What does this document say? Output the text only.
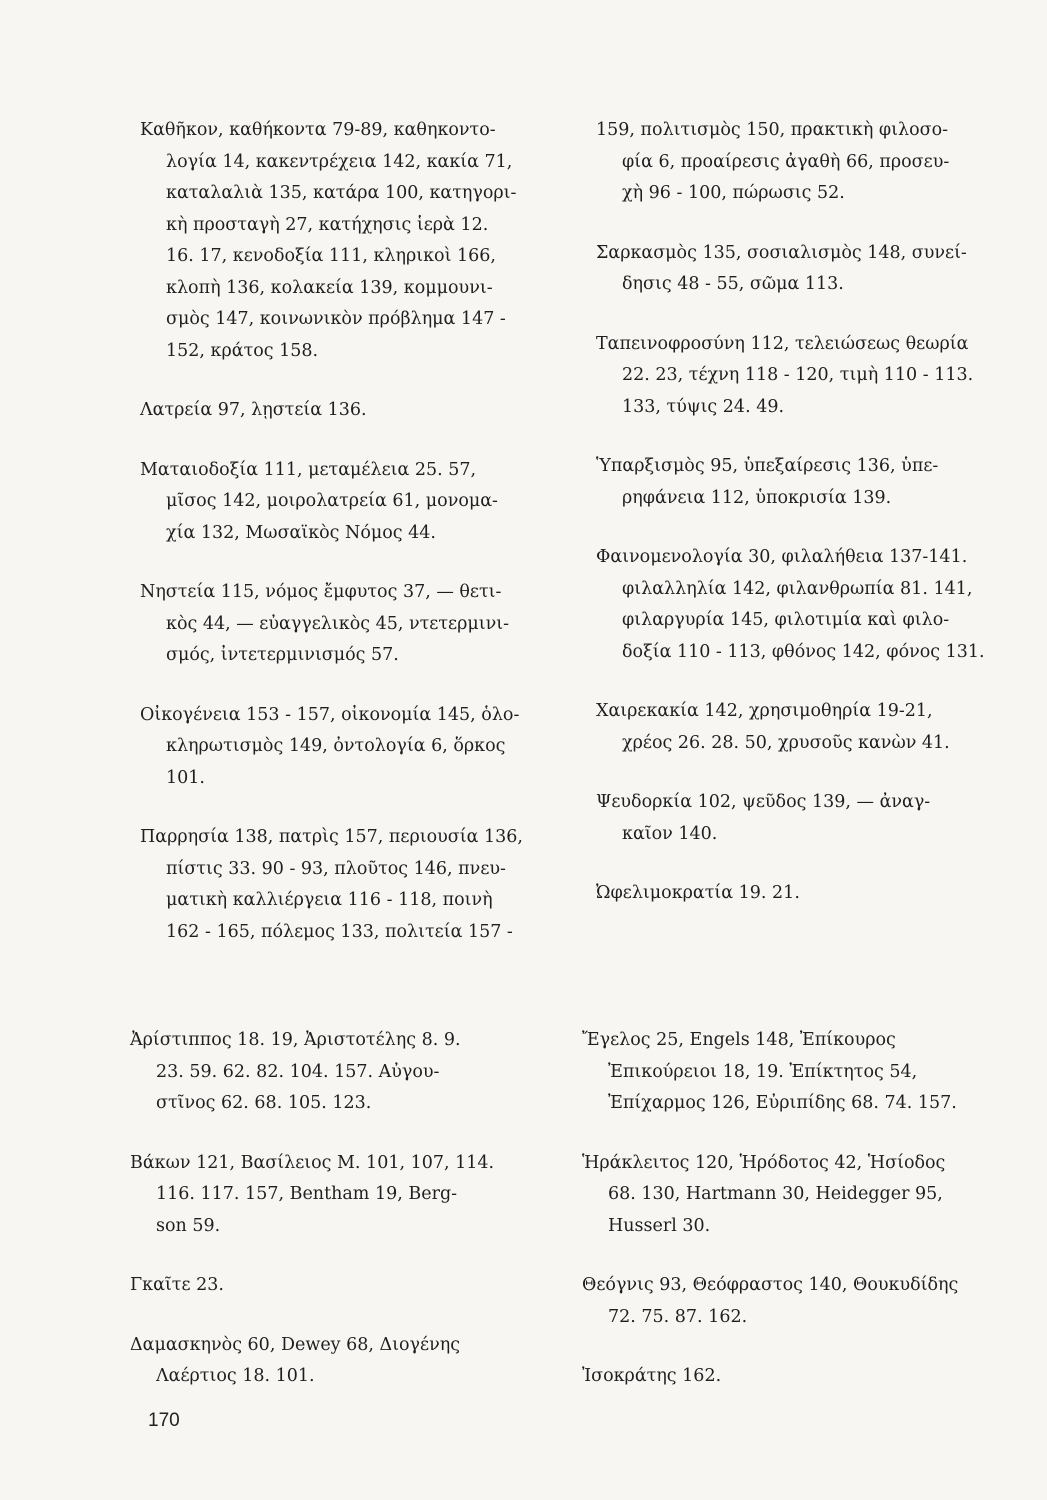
Καθῆκον, καθήκοντα 79-89, καθηκοντο-
λογία 14, κακεντρέχεια 142, κακία 71,
καταλαλιὰ 135, κατάρα 100, κατηγορι-
κὴ προσταγὴ 27, κατήχησις ἱερὰ 12.
16. 17, κενοδοξία 111, κληρικοὶ 166,
κλοπὴ 136, κολακεία 139, κομμουνι-
σμὸς 147, κοινωνικὸν πρόβλημα 147 -
152, κράτος 158.

Λατρεία 97, λῃστεία 136.

Ματαιοδοξία 111, μεταμέλεια 25. 57,
μῖσος 142, μοιρολατρεία 61, μονομα-
χία 132, Μωσαϊκὸς Νόμος 44.

Νηστεία 115, νόμος ἔμφυτος 37, — θετι-
κὸς 44, — εὐαγγελικὸς 45, ντετερμινι-
σμός, ἰντετερμινισμός 57.

Οἰκογένεια 153 - 157, οἰκονομία 145, ὁλο-
κληρωτισμὸς 149, ὀντολογία 6, ὅρκος
101.

Παρρησία 138, πατρὶς 157, περιουσία 136,
πίστις 33. 90 - 93, πλοῦτος 146, πνευ-
ματικὴ καλλιέργεια 116 - 118, ποινὴ
162 - 165, πόλεμος 133, πολιτεία 157 -

159, πολιτισμὸς 150, πρακτικὴ φιλοσο-
φία 6, προαίρεσις ἀγαθὴ 66, προσευ-
χὴ 96 - 100, πώρωσις 52.

Σαρκασμὸς 135, σοσιαλισμὸς 148, συνεί-
δησις 48 - 55, σῶμα 113.

Ταπεινοφροσύνη 112, τελειώσεως θεωρία
22. 23, τέχνη 118 - 120, τιμὴ 110 - 113.
133, τύψις 24. 49.

Ὑπαρξισμὸς 95, ὑπεξαίρεσις 136, ὑπε-
ρηφάνεια 112, ὑποκρισία 139.

Φαινομενολογία 30, φιλαλήθεια 137-141.
φιλαλληλία 142, φιλανθρωπία 81. 141,
φιλαργυρία 145, φιλοτιμία καὶ φιλο-
δοξία 110 - 113, φθόνος 142, φόνος 131.

Χαιρεκακία 142, χρησιμοθηρία 19-21,
χρέος 26. 28. 50, χρυσοῦς κανὼν 41.

Ψευδορκία 102, ψεῦδος 139, — ἀναγ-
καῖον 140.

Ὠφελιμοκρατία 19. 21.

Ἀρίστιππος 18. 19, Ἀριστοτέλης 8. 9.
23. 59. 62. 82. 104. 157. Αὐγου-
στῖνος 62. 68. 105. 123.

Βάκων 121, Βασίλειος Μ. 101, 107, 114.
116. 117. 157, Bentham 19, Berg-
son 59.

Γκαῖτε 23.

Δαμασκηνὸς 60, Dewey 68, Διογένης
Λαέρτιος 18. 101.

Ἔγελος 25, Engels 148, Ἐπίκουρος
Ἐπικούρειοι 18, 19. Ἐπίκτητος 54,
Ἐπίχαρμος 126, Εὐριπίδης 68. 74. 157.

Ἡράκλειτος 120, Ἡρόδοτος 42, Ἡσίοδος
68. 130, Hartmann 30, Heidegger 95,
Husserl 30.

Θεόγνις 93, Θεόφραστος 140, Θουκυδίδης
72. 75. 87. 162.

Ἰσοκράτης 162.

170
